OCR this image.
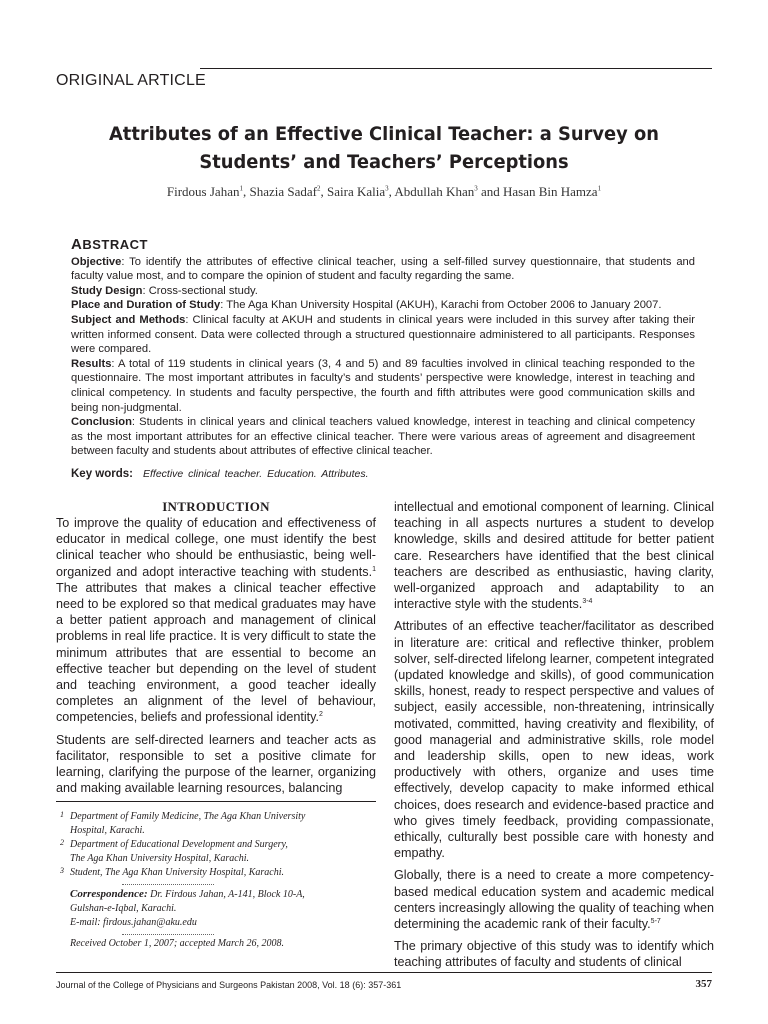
ORIGINAL ARTICLE
Attributes of an Effective Clinical Teacher: a Survey on
Students’ and Teachers’ Perceptions
Firdous Jahan$^1$, Shazia Sadaf$^2$, Saira Kalia$^3$, Abdullah Khan$^3$ and Hasan Bin Hamza$^1$
ABSTRACT

Objective: To identify the attributes of effective clinical teacher, using a self-filled survey questionnaire, that students and faculty value most, and to compare the opinion of student and faculty regarding the same.

Study Design: Cross-sectional study.

Place and Duration of Study: The Aga Khan University Hospital (AKUH), Karachi from October 2006 to January 2007.

Subject and Methods: Clinical faculty at AKUH and students in clinical years were included in this survey after taking their written informed consent. Data were collected through a structured questionnaire administered to all participants. Responses were compared.

Results: A total of 119 students in clinical years (3, 4 and 5) and 89 faculties involved in clinical teaching responded to the questionnaire. The most important attributes in faculty’s and students’ perspective were knowledge, interest in teaching and clinical competency. In students and faculty perspective, the fourth and fifth attributes were good communication skills and being non-judgmental.

Conclusion: Students in clinical years and clinical teachers valued knowledge, interest in teaching and clinical competency as the most important attributes for an effective clinical teacher. There were various areas of agreement and disagreement between faculty and students about attributes of effective clinical teacher.

Key words: Effective clinical teacher. Education. Attributes.
INTRODUCTION

To improve the quality of education and effectiveness of educator in medical college, one must identify the best clinical teacher who should be enthusiastic, being well-organized and adopt interactive teaching with students.$^1$ The attributes that makes a clinical teacher effective need to be explored so that medical graduates may have a better patient approach and management of clinical problems in real life practice. It is very difficult to state the minimum attributes that are essential to become an effective teacher but depending on the level of student and teaching environment, a good teacher ideally completes an alignment of the level of behaviour, competencies, beliefs and professional identity.$^2$

Students are self-directed learners and teacher acts as facilitator, responsible to set a positive climate for learning, clarifying the purpose of the learner, organizing and making available learning resources, balancing

intellectual and emotional component of learning. Clinical teaching in all aspects nurtures a student to develop knowledge, skills and desired attitude for better patient care. Researchers have identified that the best clinical teachers are described as enthusiastic, having clarity, well-organized approach and adaptability to an interactive style with the students.$^{3-4}$

Attributes of an effective teacher/facilitator as described in literature are: critical and reflective thinker, problem solver, self-directed lifelong learner, competent integrated (updated knowledge and skills), of good communication skills, honest, ready to respect perspective and values of subject, easily accessible, non-threatening, intrinsically motivated, committed, having creativity and flexibility, of good managerial and administrative skills, role model and leadership skills, open to new ideas, work productively with others, organize and uses time effectively, develop capacity to make informed ethical choices, does research and evidence-based practice and who gives timely feedback, providing compassionate, ethically, culturally best possible care with honesty and empathy.

Globally, there is a need to create a more competency-based medical education system and academic medical centers increasingly allowing the quality of teaching when determining the academic rank of their faculty.$^{5-7}$

The primary objective of this study was to identify which teaching attributes of faculty and students of clinical

1 Department of Family Medicine, The Aga Khan University
Hospital, Karachi.
2 Department of Educational Development and Surgery,
The Aga Khan University Hospital, Karachi.
3 Student, The Aga Khan University Hospital, Karachi.
Correspondence: Dr. Firdous Jahan, A-141, Block 10-A,
Gulshan-e-Iqbal, Karachi.
E-mail: firdous.jahan@aku.edu
Received October 1, 2007; accepted March 26, 2008.
Journal of the College of Physicians and Surgeons Pakistan 2008, Vol. 18 (6): 357-361	357
